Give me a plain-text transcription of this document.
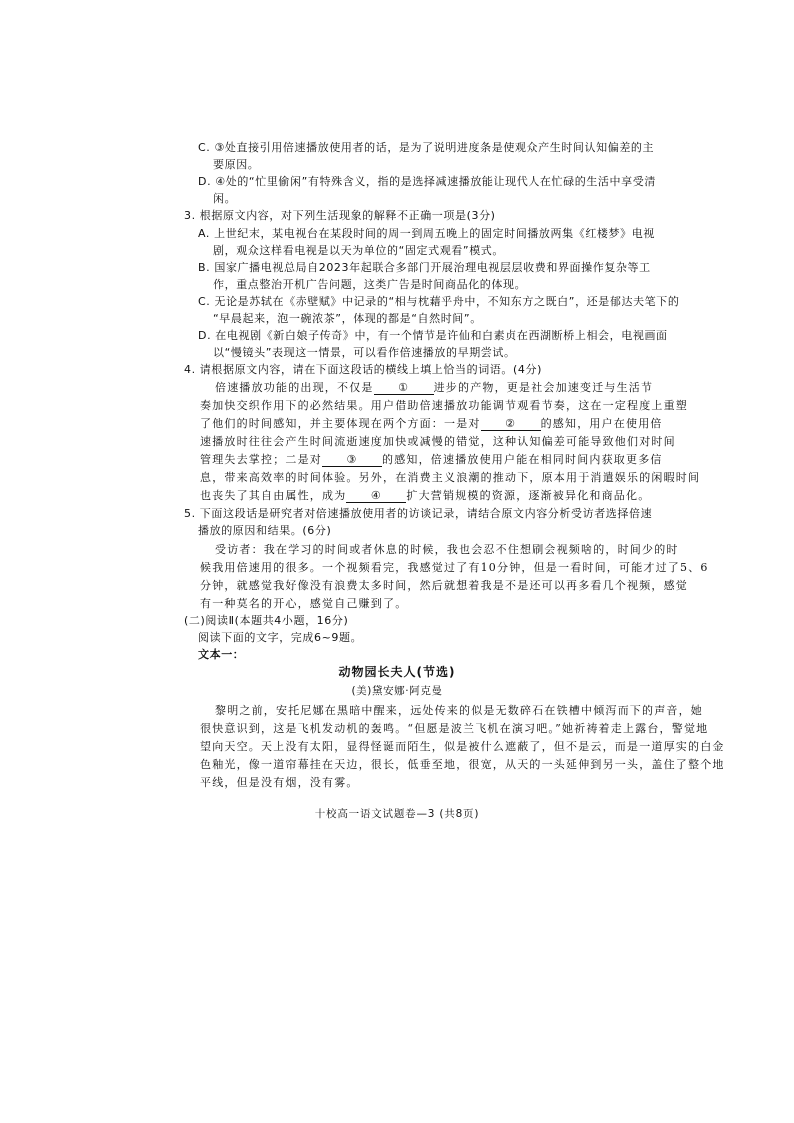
C. ③处直接引用倍速播放使用者的话，是为了说明进度条是使观众产生时间认知偏差的主
要原因。
D. ④处的“忙里偷闲”有特殊含义，指的是选择减速播放能让现代人在忙碌的生活中享受清
闲。
3. 根据原文内容，对下列生活现象的解释不正确一项是(3分)
A. 上世纪末，某电视台在某段时间的周一到周五晚上的固定时间播放两集《红楼梦》电视
剧，观众这样看电视是以天为单位的“固定式观看”模式。
B. 国家广播电视总局自2023年起联合多部门开展治理电视层层收费和界面操作复杂等工
作，重点整治开机广告问题，这类广告是时间商品化的体现。
C. 无论是苏轼在《赤壁赋》中记录的“相与枕藉乎舟中，不知东方之既白”，还是郁达夫笔下的
“早晨起来，泡一碗浓茶”，体现的都是“自然时间”。
D. 在电视剧《新白娘子传奇》中，有一个情节是许仙和白素贞在西湖断桥上相会，电视画面
以“慢镜头”表现这一情景，可以看作倍速播放的早期尝试。
4. 请根据原文内容，请在下面这段话的横线上填上恰当的词语。(4分)
倍速播放功能的出现，不仅是 ① 进步的产物，更是社会加速变迁与生活节
奏加快交织作用下的必然结果。用户借助倍速播放功能调节观看节奏，这在一定程度上重塑
了他们的时间感知，并主要体现在两个方面：一是对 ② 的感知，用户在使用倍
速播放时往往会产生时间流逝速度加快或减慢的错觉，这种认知偏差可能导致他们对时间
管理失去掌控；二是对 ③ 的感知，倍速播放使用户能在相同时间内获取更多信
息，带来高效率的时间体验。另外，在消费主义浪潮的推动下，原本用于消遣娱乐的闲暇时间
也丧失了其自由属性，成为 ④ 扩大营销规模的资源，逐渐被异化和商品化。
5. 下面这段话是研究者对倍速播放使用者的访谈记录，请结合原文内容分析受访者选择倍速
播放的原因和结果。(6分)
受访者：我在学习的时间或者休息的时候，我也会忍不住想刷会视频啥的，时间少的时
候我用倍速用的很多。一个视频看完，我感觉过了有10分钟，但是一看时间，可能才过了5、6
分钟，就感觉我好像没有浪费太多时间，然后就想着我是不是还可以再多看几个视频，感觉
有一种莫名的开心，感觉自己赚到了。
(二)阅读Ⅱ(本题共4小题，16分)
阅读下面的文字，完成6~9题。
文本一：
动物园长夫人(节选)
(美)黛安娜·阿克曼
黎明之前，安托尼娜在黑暗中醒来，远处传来的似是无数碎石在铁槽中倾泻而下的声音，她
很快意识到，这是飞机发动机的轰鸣。“但愿是波兰飞机在演习吧。”她祈祷着走上露台，警觉地
望向天空。天上没有太阳，显得怪诞而陌生，似是被什么遮蔽了，但不是云，而是一道厚实的白金
色釉光，像一道帘幕挂在天边，很长，低垂至地，很宽，从天的一头延伸到另一头，盖住了整个地
平线，但是没有烟，没有雾。
十校高一语文试题卷—3 (共8页)
